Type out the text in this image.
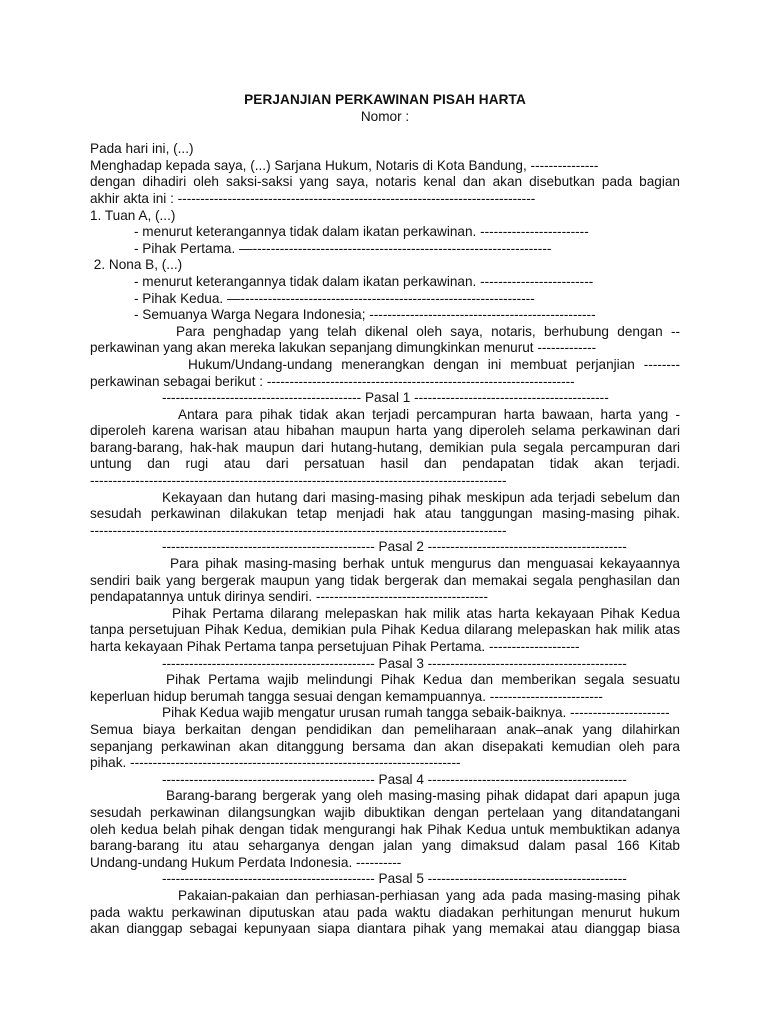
PERJANJIAN PERKAWINAN PISAH HARTA
Nomor :
Pada hari ini, (...)
Menghadap kepada saya, (...) Sarjana Hukum, Notaris di Kota Bandung, ---------------
dengan dihadiri oleh saksi-saksi yang saya, notaris kenal dan akan disebutkan pada bagian
akhir akta ini : -------------------------------------------------------------------------------
1. Tuan A, (...)
- menurut keterangannya tidak dalam ikatan perkawinan. ------------------------
- Pihak Pertama. —------------------------------------------------------------------
2. Nona B, (...)
- menurut keterangannya tidak dalam ikatan perkawinan. -------------------------
- Pihak Kedua. —-----------------------------------------------------------------
- Semuanya Warga Negara Indonesia; --------------------------------------------------
Para penghadap yang telah dikenal oleh saya, notaris, berhubung dengan --
perkawinan yang akan mereka lakukan sepanjang dimungkinkan menurut -------------
Hukum/Undang-undang menerangkan dengan ini membuat perjanjian --------
perkawinan sebagai berikut : --------------------------------------------------------------------
-------------------------------------------- Pasal 1 -------------------------------------------
Antara para pihak tidak akan terjadi percampuran harta bawaan, harta yang -
diperoleh karena warisan atau hibahan maupun harta yang diperoleh selama perkawinan dari
barang-barang, hak-hak maupun dari hutang-hutang, demikian pula segala percampuran dari
untung dan rugi atau dari persatuan hasil dan pendapatan tidak akan terjadi.
--------------------------------------------------------------------------------------------
Kekayaan dan hutang dari masing-masing pihak meskipun ada terjadi sebelum dan
sesudah perkawinan dilakukan tetap menjadi hak atau tanggungan masing-masing pihak.
--------------------------------------------------------------------------------------------
----------------------------------------------- Pasal 2 --------------------------------------------
Para pihak masing-masing berhak untuk mengurus dan menguasai kekayaannya
sendiri baik yang bergerak maupun yang tidak bergerak dan memakai segala penghasilan dan
pendapatannya untuk dirinya sendiri. --------------------------------------
Pihak Pertama dilarang melepaskan hak milik atas harta kekayaan Pihak Kedua
tanpa persetujuan Pihak Kedua, demikian pula Pihak Kedua dilarang melepaskan hak milik atas
harta kekayaan Pihak Pertama tanpa persetujuan Pihak Pertama. --------------------
----------------------------------------------- Pasal 3 --------------------------------------------
Pihak Pertama wajib melindungi Pihak Kedua dan memberikan segala sesuatu
keperluan hidup berumah tangga sesuai dengan kemampuannya. -------------------------
Pihak Kedua wajib mengatur urusan rumah tangga sebaik-baiknya. ----------------------
Semua biaya berkaitan dengan pendidikan dan pemeliharaan anak–anak yang dilahirkan
sepanjang perkawinan akan ditanggung bersama dan akan disepakati kemudian oleh para
pihak. -------------------------------------------------------------------------
----------------------------------------------- Pasal 4 --------------------------------------------
Barang-barang bergerak yang oleh masing-masing pihak didapat dari apapun juga
sesudah perkawinan dilangsungkan wajib dibuktikan dengan pertelaan yang ditandatangani
oleh kedua belah pihak dengan tidak mengurangi hak Pihak Kedua untuk membuktikan adanya
barang-barang itu atau seharganya dengan jalan yang dimaksud dalam pasal 166 Kitab
Undang-undang Hukum Perdata Indonesia. ----------
----------------------------------------------- Pasal 5 --------------------------------------------
Pakaian-pakaian dan perhiasan-perhiasan yang ada pada masing-masing pihak
pada waktu perkawinan diputuskan atau pada waktu diadakan perhitungan menurut hukum
akan dianggap sebagai kepunyaan siapa diantara pihak yang memakai atau dianggap biasa
